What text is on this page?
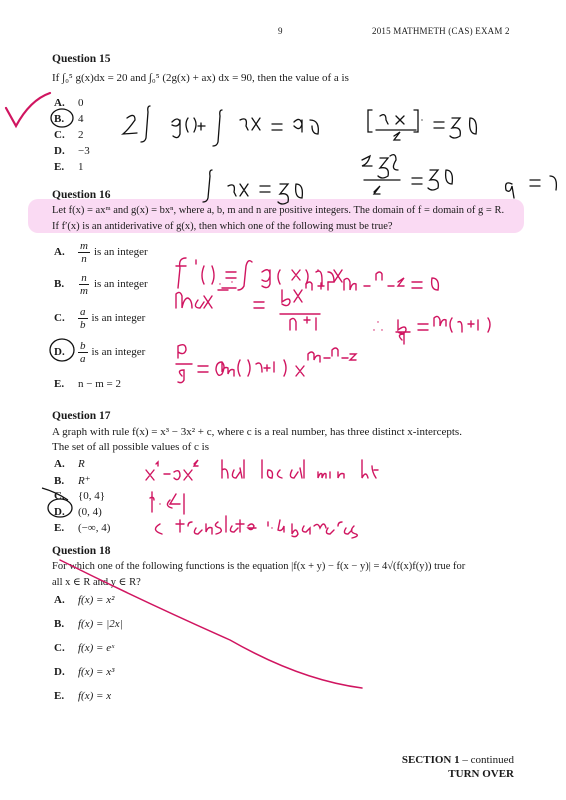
9	2015 MATHMETH (CAS) EXAM 2
Question 15
If ∫₀⁵ g(x)dx = 20 and ∫₀⁵ (2g(x) + ax) dx = 90, then the value of a is
A. 0
B. 4
C. 2
D. −3
E. 1
Question 16
Let f(x) = axᵐ and g(x) = bxⁿ, where a, b, m and n are positive integers. The domain of f = domain of g = R.
If f′(x) is an antiderivative of g(x), then which one of the following must be true?
A. $\frac{m}{n}$ is an integer
B. $\frac{n}{m}$ is an integer
C. $\frac{a}{b}$ is an integer
D. $\frac{b}{a}$ is an integer
E. n − m = 2
Question 17
A graph with rule f(x) = x³ − 3x² + c, where c is a real number, has three distinct x-intercepts.
The set of all possible values of c is
A. R
B. R⁺
C. {0, 4}
D. (0, 4)
E. (−∞, 4)
Question 18
For which one of the following functions is the equation |f(x + y) − f(x − y)| = 4√(f(x)f(y)) true for
all x ∈ R and y ∈ R?
A. f(x) = x²
B. f(x) = |2x|
C. f(x) = eˣ
D. f(x) = x³
E. f(x) = x
SECTION 1 – continued
TURN OVER
